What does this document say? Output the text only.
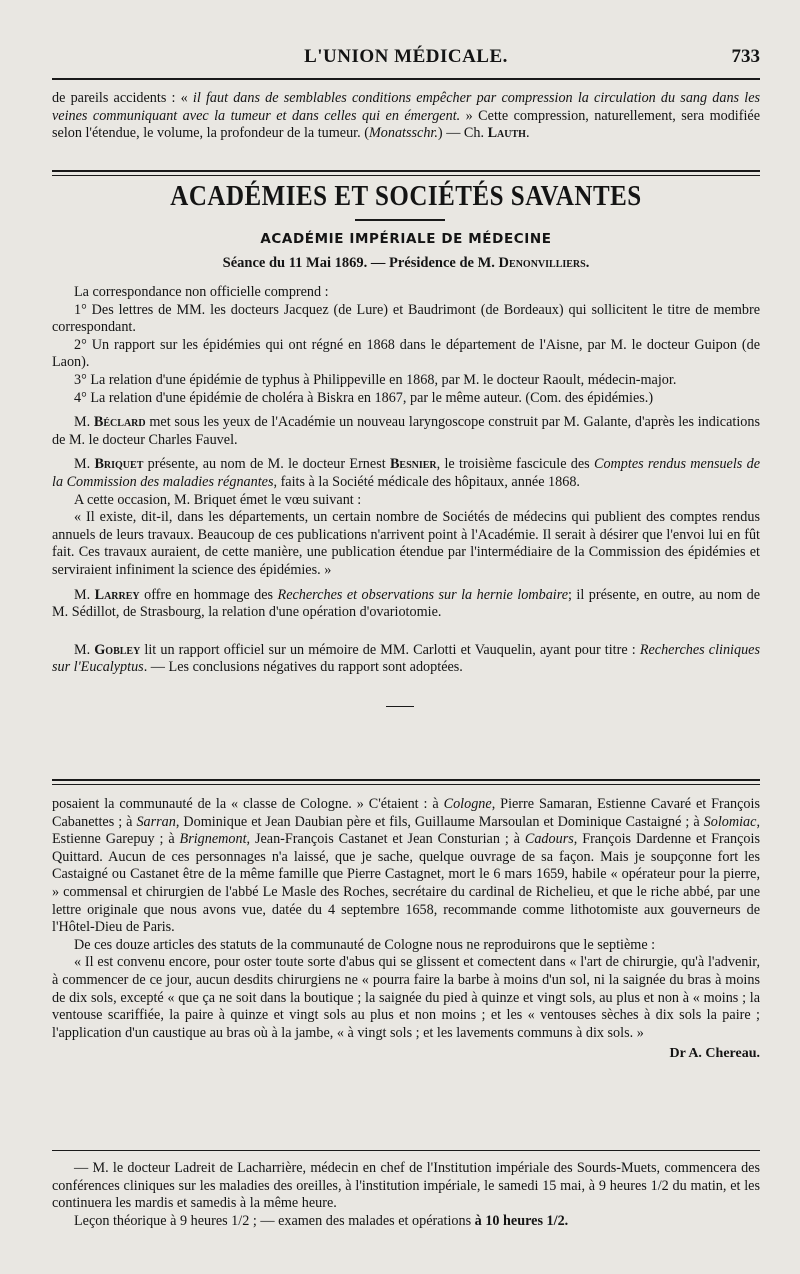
L'UNION MÉDICALE.	733

de pareils accidents : « il faut dans de semblables conditions empêcher par compression la circulation du sang dans les veines communiquant avec la tumeur et dans celles qui en émergent. » Cette compression, naturellement, sera modifiée selon l'étendue, le volume, la profondeur de la tumeur. (Monatsschr.) — Ch. Lauth.

ACADÉMIES ET SOCIÉTÉS SAVANTES
ACADÉMIE IMPÉRIALE DE MÉDECINE
Séance du 11 Mai 1869. — Présidence de M. Denonvilliers.

La correspondance non officielle comprend :

1° Des lettres de MM. les docteurs Jacquez (de Lure) et Baudrimont (de Bordeaux) qui sollicitent le titre de membre correspondant.

2° Un rapport sur les épidémies qui ont régné en 1868 dans le département de l'Aisne, par M. le docteur Guipon (de Laon).

3° La relation d'une épidémie de typhus à Philippeville en 1868, par M. le docteur Raoult, médecin-major.

4° La relation d'une épidémie de choléra à Biskra en 1867, par le même auteur. (Com. des épidémies.)

M. Béclard met sous les yeux de l'Académie un nouveau laryngoscope construit par M. Galante, d'après les indications de M. le docteur Charles Fauvel.

M. Briquet présente, au nom de M. le docteur Ernest Besnier, le troisième fascicule des Comptes rendus mensuels de la Commission des maladies régnantes, faits à la Société médicale des hôpitaux, année 1868.

A cette occasion, M. Briquet émet le vœu suivant :

« Il existe, dit-il, dans les départements, un certain nombre de Sociétés de médecins qui publient des comptes rendus annuels de leurs travaux. Beaucoup de ces publications n'arrivent point à l'Académie. Il serait à désirer que l'envoi lui en fût fait. Ces travaux auraient, de cette manière, une publication étendue par l'intermédiaire de la Commission des épidémies et serviraient infiniment la science des épidémies. »

M. Larrey offre en hommage des Recherches et observations sur la hernie lombaire; il présente, en outre, au nom de M. Sédillot, de Strasbourg, la relation d'une opération d'ovariotomie.

M. Gobley lit un rapport officiel sur un mémoire de MM. Carlotti et Vauquelin, ayant pour titre : Recherches cliniques sur l'Eucalyptus. — Les conclusions négatives du rapport sont adoptées.

posaient la communauté de la « classe de Cologne. » C'étaient : à Cologne, Pierre Samaran, Estienne Cavaré et François Cabanettes ; à Sarran, Dominique et Jean Daubian père et fils, Guillaume Marsoulan et Dominique Castaigné ; à Solomiac, Estienne Garepuy ; à Brignemont, Jean-François Castanet et Jean Consturian ; à Cadours, François Dardenne et François Quittard. Aucun de ces personnages n'a laissé, que je sache, quelque ouvrage de sa façon. Mais je soupçonne fort les Castaigné ou Castanet être de la même famille que Pierre Castagnet, mort le 6 mars 1659, habile « opérateur pour la pierre, » commensal et chirurgien de l'abbé Le Masle des Roches, secrétaire du cardinal de Richelieu, et que le riche abbé, par une lettre originale que nous avons vue, datée du 4 septembre 1658, recommande comme lithotomiste aux gouverneurs de l'Hôtel-Dieu de Paris.

De ces douze articles des statuts de la communauté de Cologne nous ne reproduirons que le septième :

« Il est convenu encore, pour oster toute sorte d'abus qui se glissent et comectent dans « l'art de chirurgie, qu'à l'advenir, à commencer de ce jour, aucun desdits chirurgiens ne « pourra faire la barbe à moins d'un sol, ni la saignée du bras à moins de dix sols, excepté « que ça ne soit dans la boutique ; la saignée du pied à quinze et vingt sols, au plus et non à « moins ; la ventouse scariffiée, la paire à quinze et vingt sols au plus et non moins ; et les « ventouses sèches à dix sols la paire ; l'application d'un caustique au bras où à la jambe, « à vingt sols ; et les lavements communs à dix sols. »

Dr A. Chereau.

— M. le docteur Ladreit de Lacharrière, médecin en chef de l'Institution impériale des Sourds-Muets, commencera des conférences cliniques sur les maladies des oreilles, à l'institution impériale, le samedi 15 mai, à 9 heures 1/2 du matin, et les continuera les mardis et samedis à la même heure.

Leçon théorique à 9 heures 1/2 ; — examen des malades et opérations à 10 heures 1/2.
